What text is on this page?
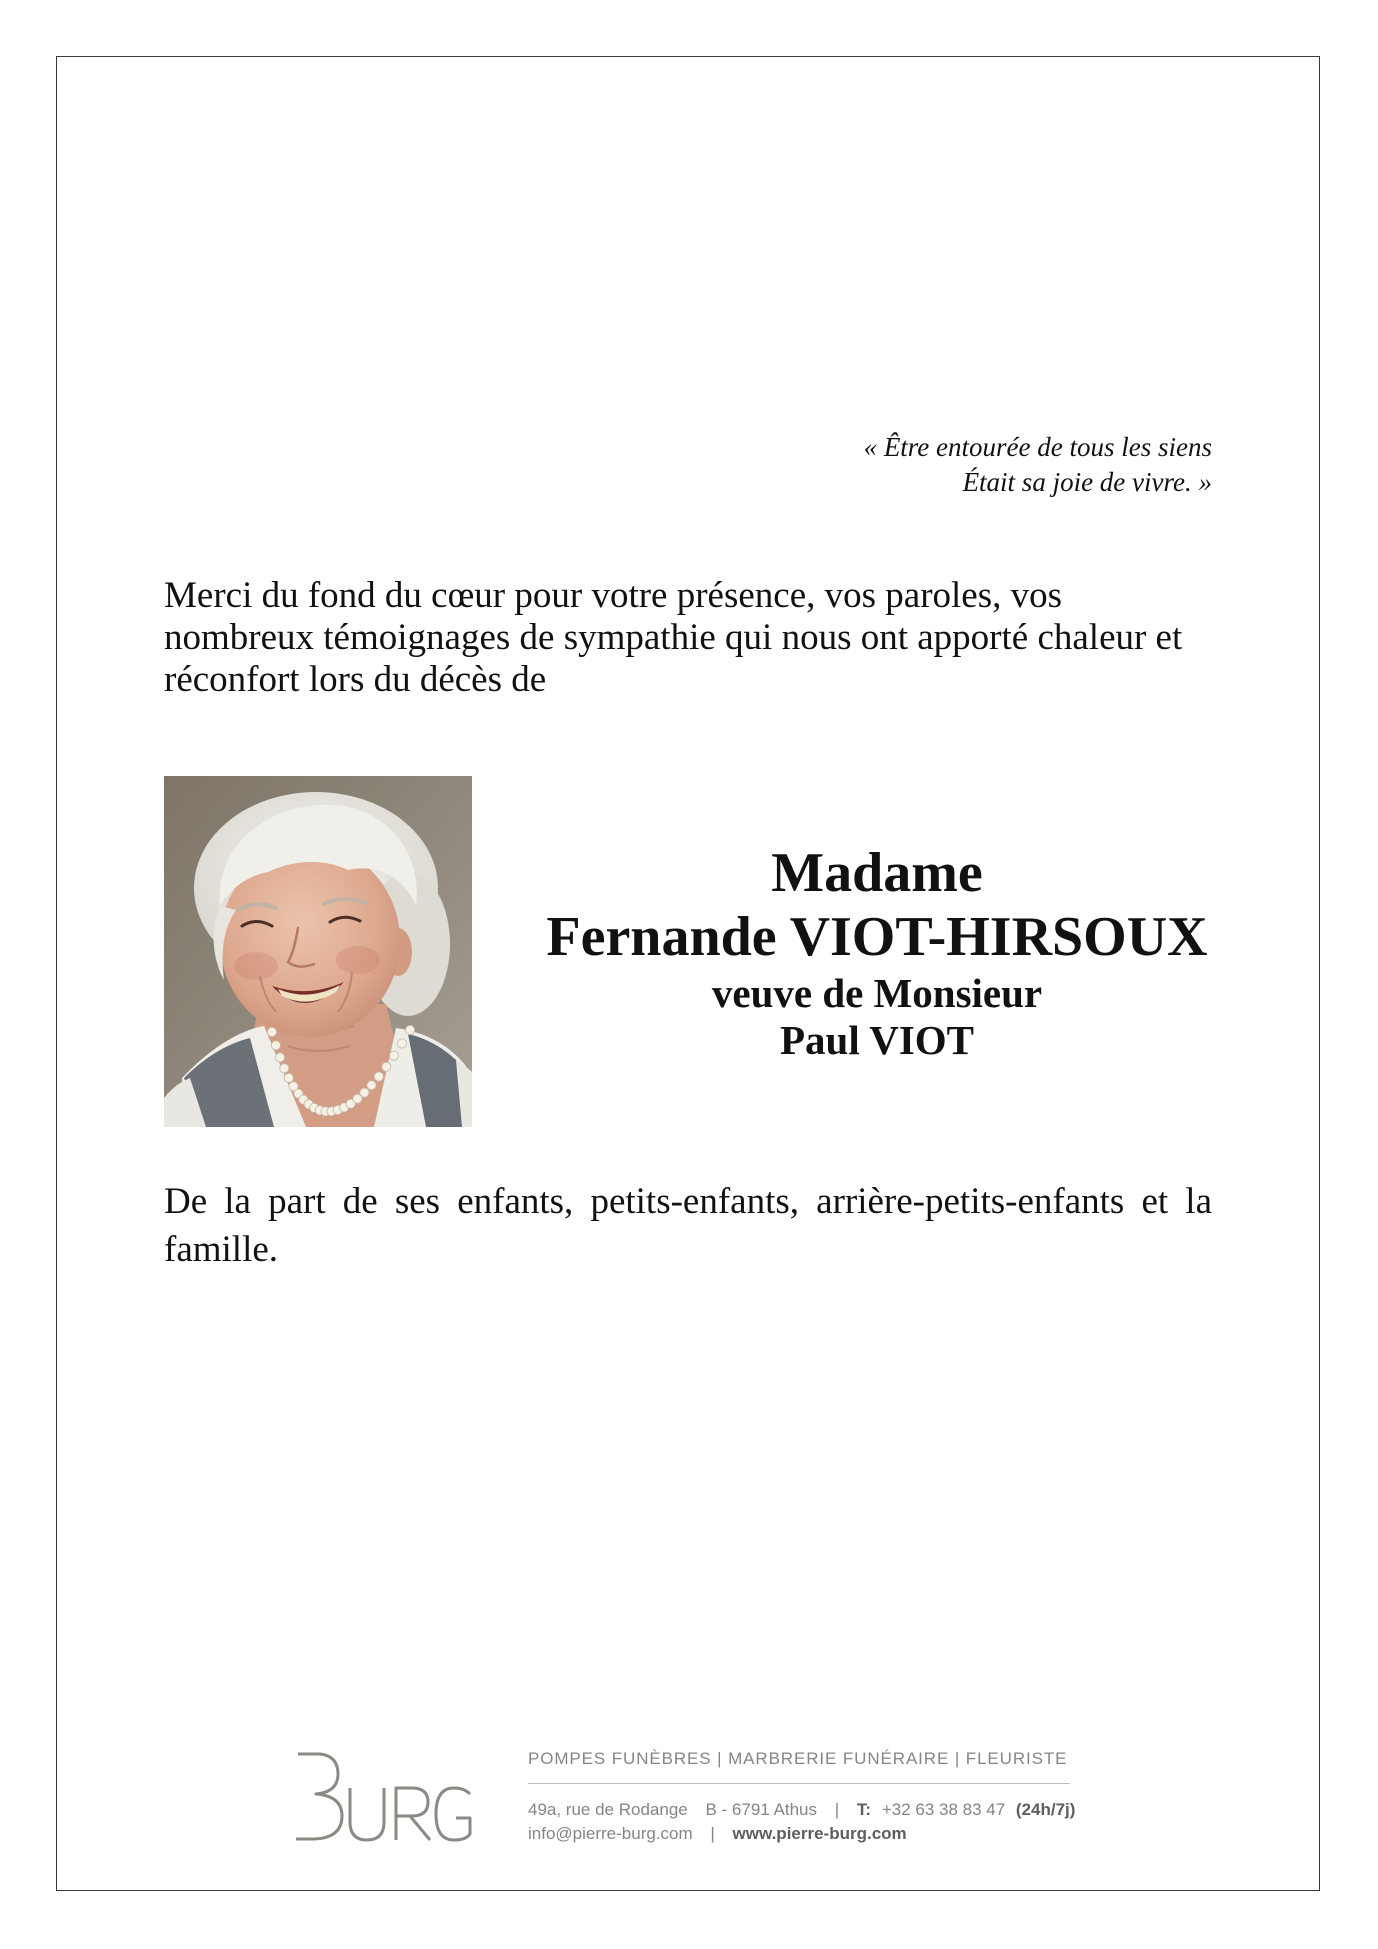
« Être entourée de tous les siens
Était sa joie de vivre. »
Merci du fond du cœur pour votre présence, vos paroles, vos
nombreux témoignages de sympathie qui nous ont apporté chaleur et
réconfort lors du décès de
Madame
Fernande VIOT-HIRSOUX
veuve de Monsieur
Paul VIOT
De la part de ses enfants, petits-enfants, arrière-petits-enfants et la
famille.
POMPES FUNÈBRES | MARBRERIE FUNÉRAIRE | FLEURISTE
49a, rue de Rodange B - 6791 Athus | T: +32 63 38 83 47 (24h/7j)
info@pierre-burg.com | www.pierre-burg.com
